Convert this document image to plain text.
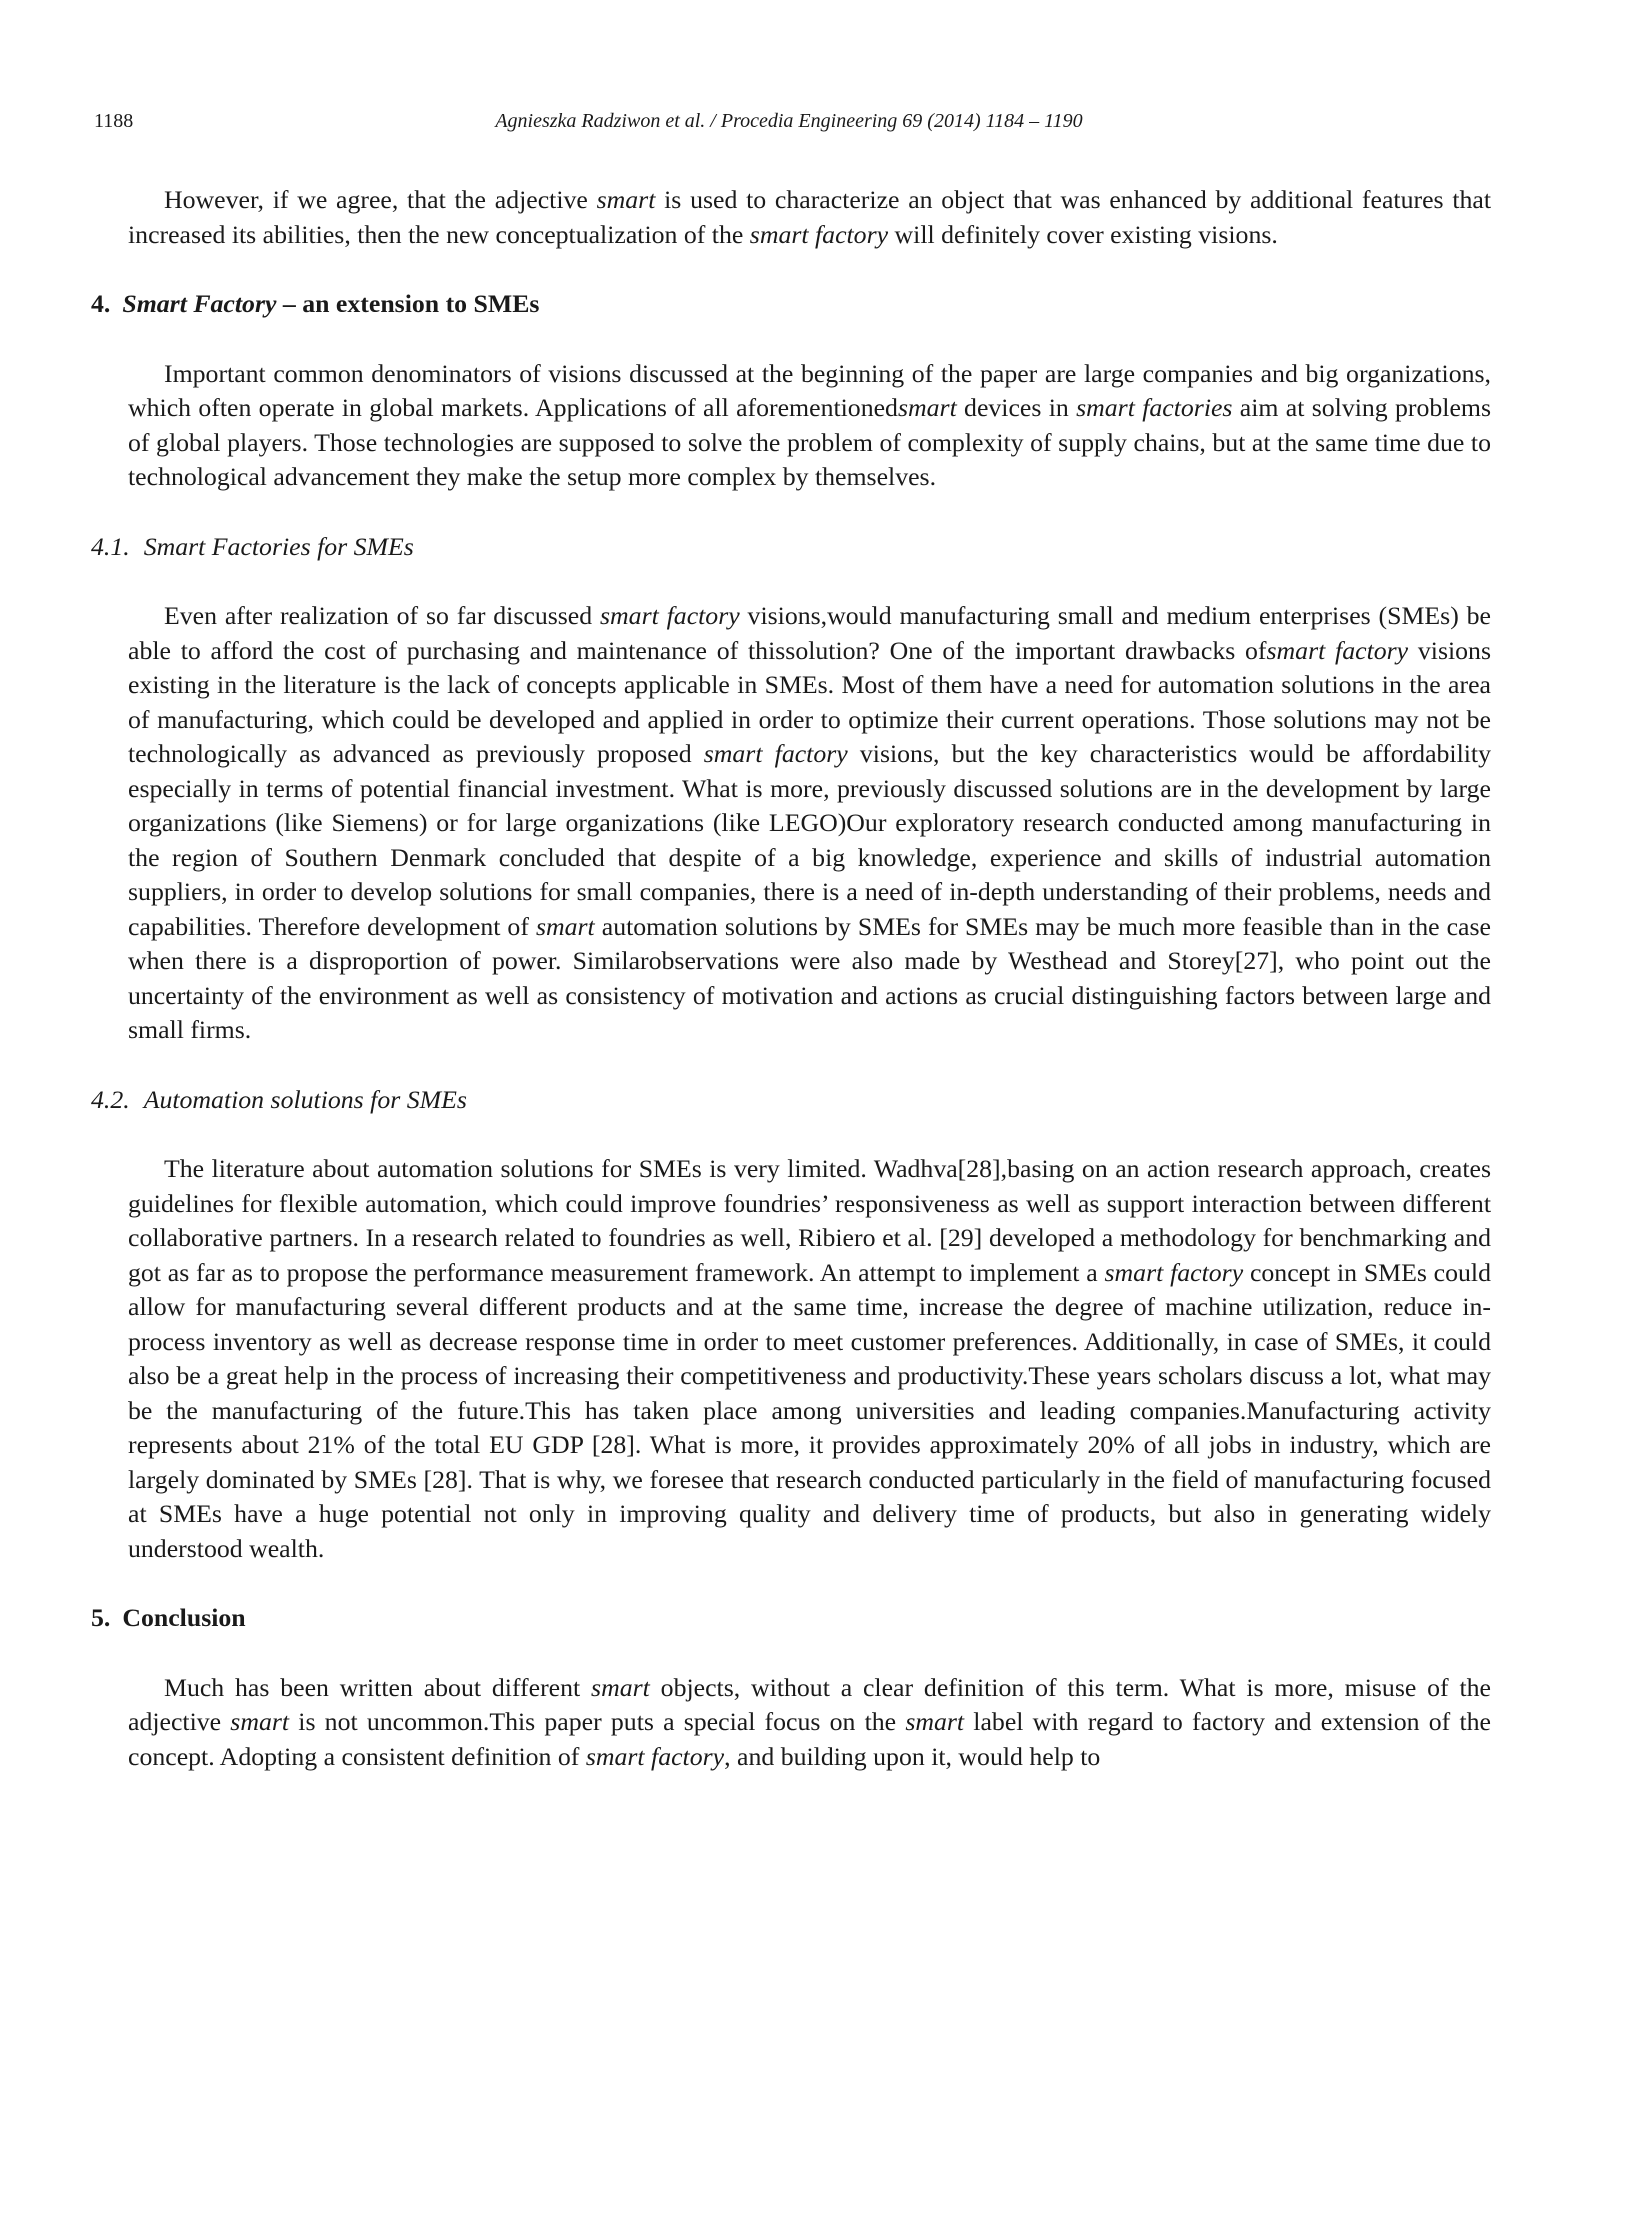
1188	Agnieszka Radziwon et al. / Procedia Engineering 69 (2014) 1184 – 1190

However, if we agree, that the adjective smart is used to characterize an object that was enhanced by additional features that increased its abilities, then the new conceptualization of the smart factory will definitely cover existing visions.

4. Smart Factory – an extension to SMEs

Important common denominators of visions discussed at the beginning of the paper are large companies and big organizations, which often operate in global markets. Applications of all aforementionedsmart devices in smart factories aim at solving problems of global players. Those technologies are supposed to solve the problem of complexity of supply chains, but at the same time due to technological advancement they make the setup more complex by themselves.

4.1. Smart Factories for SMEs

Even after realization of so far discussed smart factory visions,would manufacturing small and medium enterprises (SMEs) be able to afford the cost of purchasing and maintenance of thissolution? One of the important drawbacks ofsmart factory visions existing in the literature is the lack of concepts applicable in SMEs. Most of them have a need for automation solutions in the area of manufacturing, which could be developed and applied in order to optimize their current operations. Those solutions may not be technologically as advanced as previously proposed smart factory visions, but the key characteristics would be affordability especially in terms of potential financial investment. What is more, previously discussed solutions are in the development by large organizations (like Siemens) or for large organizations (like LEGO)Our exploratory research conducted among manufacturing in the region of Southern Denmark concluded that despite of a big knowledge, experience and skills of industrial automation suppliers, in order to develop solutions for small companies, there is a need of in-depth understanding of their problems, needs and capabilities. Therefore development of smart automation solutions by SMEs for SMEs may be much more feasible than in the case when there is a disproportion of power. Similarobservations were also made by Westhead and Storey[27], who point out the uncertainty of the environment as well as consistency of motivation and actions as crucial distinguishing factors between large and small firms.

4.2. Automation solutions for SMEs

The literature about automation solutions for SMEs is very limited. Wadhva[28],basing on an action research approach, creates guidelines for flexible automation, which could improve foundries’ responsiveness as well as support interaction between different collaborative partners. In a research related to foundries as well, Ribiero et al. [29] developed a methodology for benchmarking and got as far as to propose the performance measurement framework. An attempt to implement a smart factory concept in SMEs could allow for manufacturing several different products and at the same time, increase the degree of machine utilization, reduce in-process inventory as well as decrease response time in order to meet customer preferences. Additionally, in case of SMEs, it could also be a great help in the process of increasing their competitiveness and productivity.These years scholars discuss a lot, what may be the manufacturing of the future.This has taken place among universities and leading companies.Manufacturing activity represents about 21% of the total EU GDP [28]. What is more, it provides approximately 20% of all jobs in industry, which are largely dominated by SMEs [28]. That is why, we foresee that research conducted particularly in the field of manufacturing focused at SMEs have a huge potential not only in improving quality and delivery time of products, but also in generating widely understood wealth.

5. Conclusion

Much has been written about different smart objects, without a clear definition of this term. What is more, misuse of the adjective smart is not uncommon.This paper puts a special focus on the smart label with regard to factory and extension of the concept. Adopting a consistent definition of smart factory, and building upon it, would help to
